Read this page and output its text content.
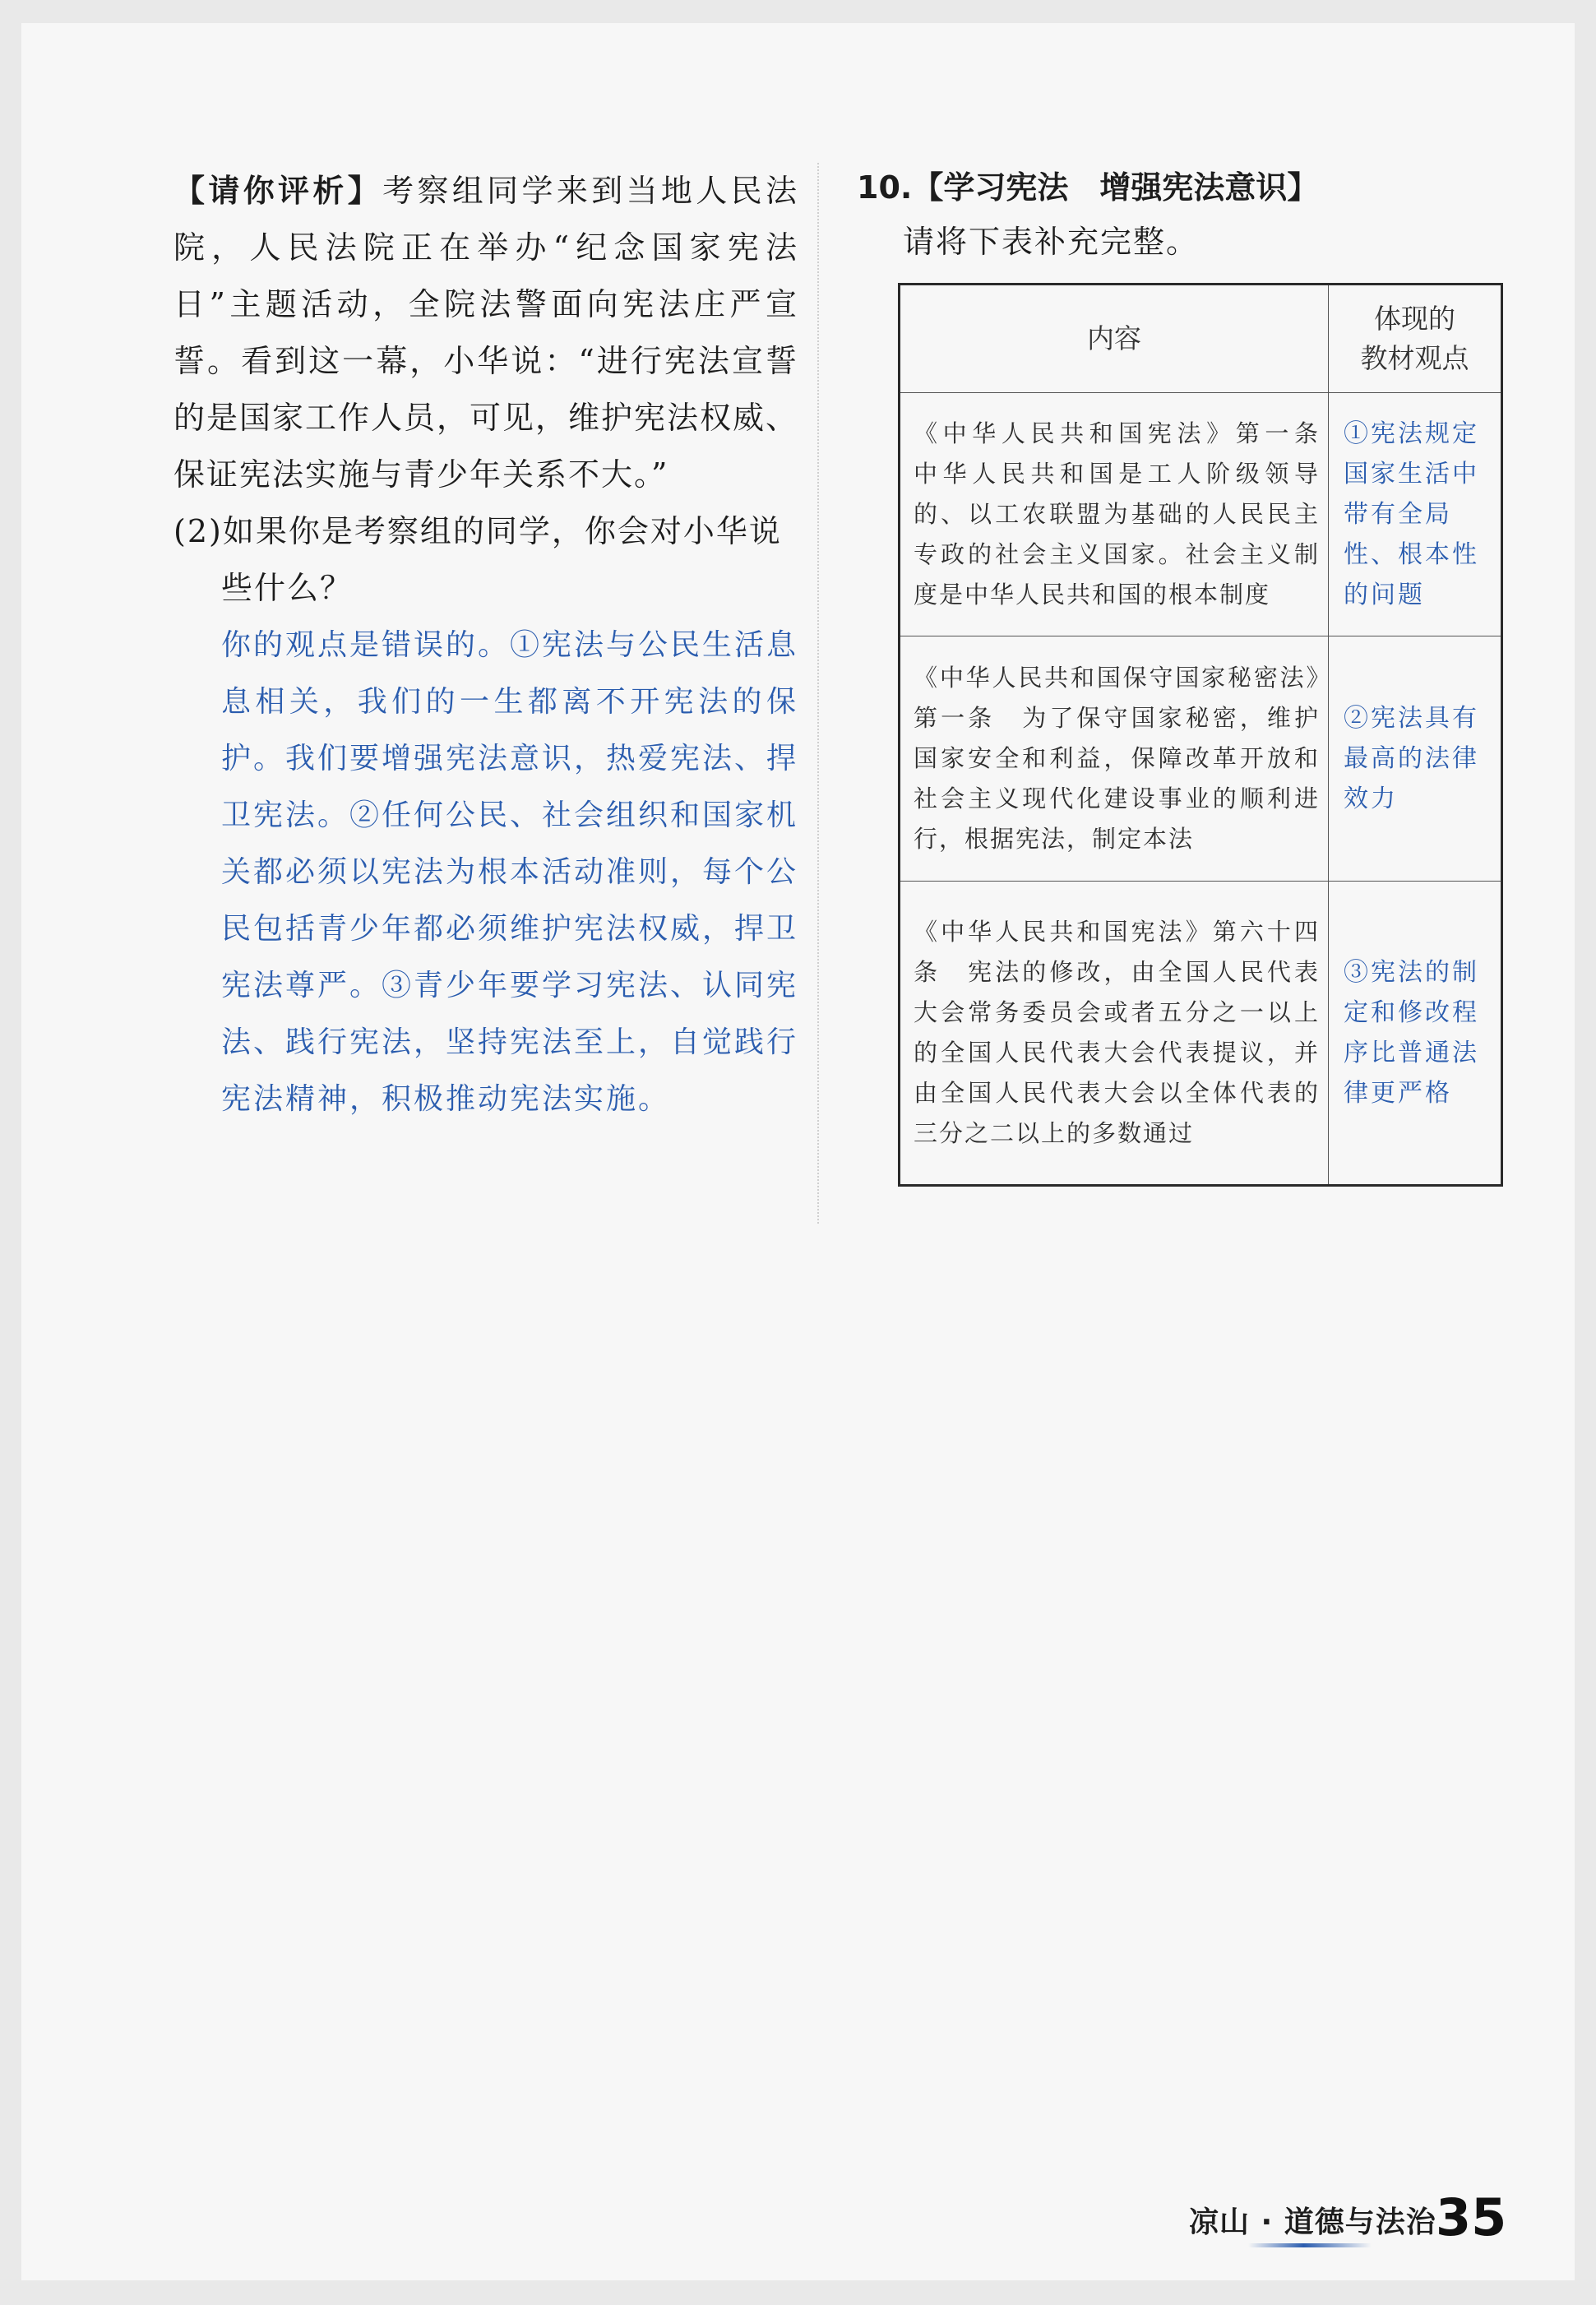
【请你评析】考察组同学来到当地人民法院，人民法院正在举办“纪念国家宪法日”主题活动，全院法警面向宪法庄严宣誓。看到这一幕，小华说：“进行宪法宣誓的是国家工作人员，可见，维护宪法权威、保证宪法实施与青少年关系不大。”

(2)如果你是考察组的同学，你会对小华说些什么？

你的观点是错误的。①宪法与公民生活息息相关，我们的一生都离不开宪法的保护。我们要增强宪法意识，热爱宪法、捍卫宪法。②任何公民、社会组织和国家机关都必须以宪法为根本活动准则，每个公民包括青少年都必须维护宪法权威，捍卫宪法尊严。③青少年要学习宪法、认同宪法、践行宪法，坚持宪法至上，自觉践行宪法精神，积极推动宪法实施。

10.【学习宪法　增强宪法意识】

请将下表补充完整。

内容	体现的
教材观点
《中华人民共和国宪法》第一条　中华人民共和国是工人阶级领导的、以工农联盟为基础的人民民主专政的社会主义国家。社会主义制度是中华人民共和国的根本制度	①宪法规定国家生活中带有全局性、根本性的问题
《中华人民共和国保守国家秘密法》第一条　为了保守国家秘密，维护国家安全和利益，保障改革开放和社会主义现代化建设事业的顺利进行，根据宪法，制定本法	②宪法具有最高的法律效力
《中华人民共和国宪法》第六十四条　宪法的修改，由全国人民代表大会常务委员会或者五分之一以上的全国人民代表大会代表提议，并由全国人民代表大会以全体代表的三分之二以上的多数通过	③宪法的制定和修改程序比普通法律更严格
凉山 · 道德与法治 35
